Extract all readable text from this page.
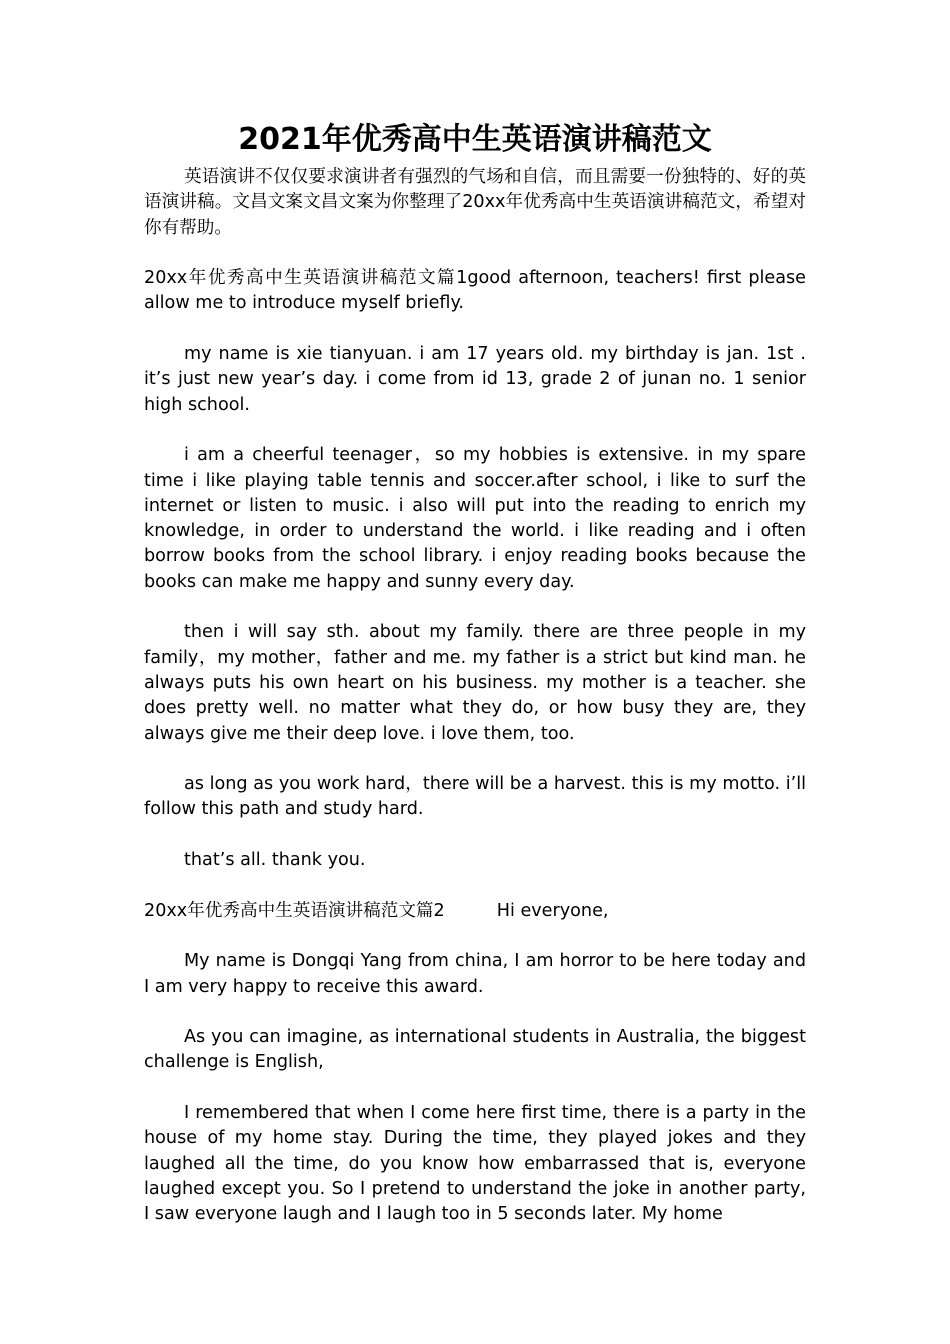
2021年优秀高中生英语演讲稿范文

英语演讲不仅仅要求演讲者有强烈的气场和自信，而且需要一份独特的、好的英语演讲稿。文昌文案文昌文案为你整理了20xx年优秀高中生英语演讲稿范文，希望对你有帮助。

20xx年优秀高中生英语演讲稿范文篇1good afternoon, teachers! first please allow me to introduce myself briefly.

my name is xie tianyuan. i am 17 years old. my birthday is jan. 1st . it’s just new year’s day. i come from id 13, grade 2 of junan no. 1 senior high school.

i am a cheerful teenager，so my hobbies is extensive. in my spare time i like playing table tennis and soccer.after school, i like to surf the internet or listen to music. i also will put into the reading to enrich my knowledge, in order to understand the world. i like reading and i often borrow books from the school library. i enjoy reading books because the books can make me happy and sunny every day.

then i will say sth. about my family. there are three people in my family，my mother，father and me. my father is a strict but kind man. he always puts his own heart on his business. my mother is a teacher. she does pretty well. no matter what they do, or how busy they are, they always give me their deep love. i love them, too.

as long as you work hard，there will be a harvest. this is my motto. i’ll follow this path and study hard.

that’s all. thank you.

20xx年优秀高中生英语演讲稿范文篇2	Hi everyone,

My name is Dongqi Yang from china, I am horror to be here today and I am very happy to receive this award.

As you can imagine, as international students in Australia, the biggest challenge is English,

I remembered that when I come here first time, there is a party in the house of my home stay. During the time, they played jokes and they laughed all the time, do you know how embarrassed that is, everyone laughed except you. So I pretend to understand the joke in another party, I saw everyone laugh and I laugh too in 5 seconds later. My home
